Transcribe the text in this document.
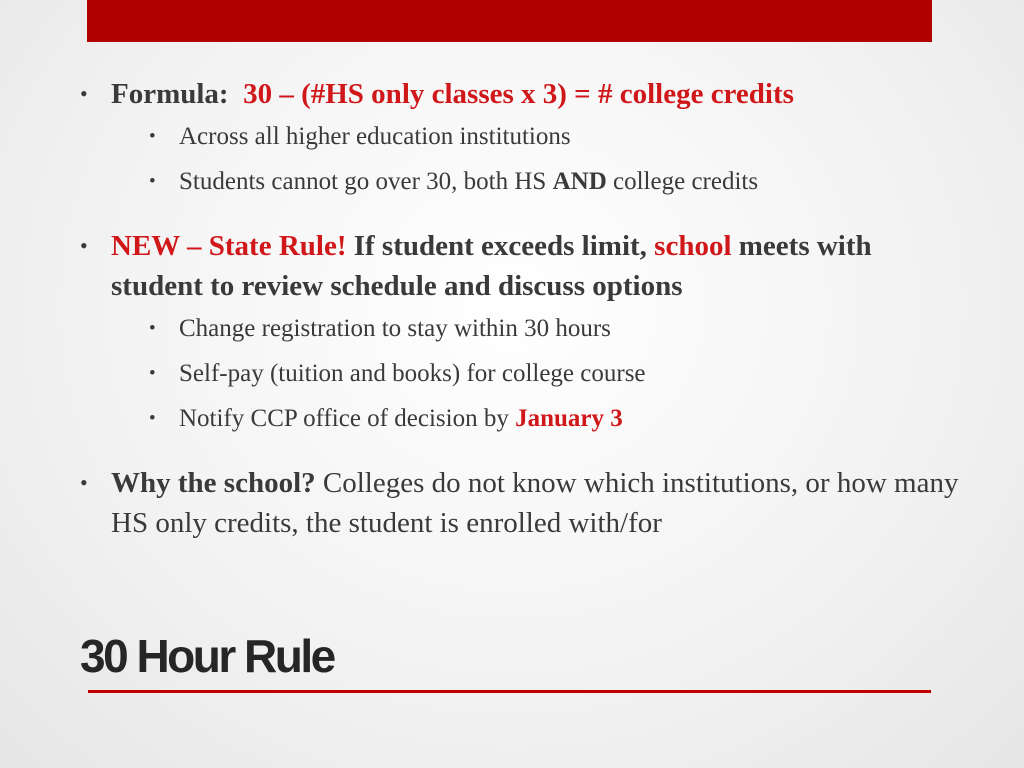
• Formula: 30 – (#HS only classes x 3) = # college credits
• Across all higher education institutions
• Students cannot go over 30, both HS AND college credits
• NEW – State Rule! If student exceeds limit, school meets with student to review schedule and discuss options
• Change registration to stay within 30 hours
• Self-pay (tuition and books) for college course
• Notify CCP office of decision by January 3
• Why the school? Colleges do not know which institutions, or how many HS only credits, the student is enrolled with/for
30 Hour Rule
